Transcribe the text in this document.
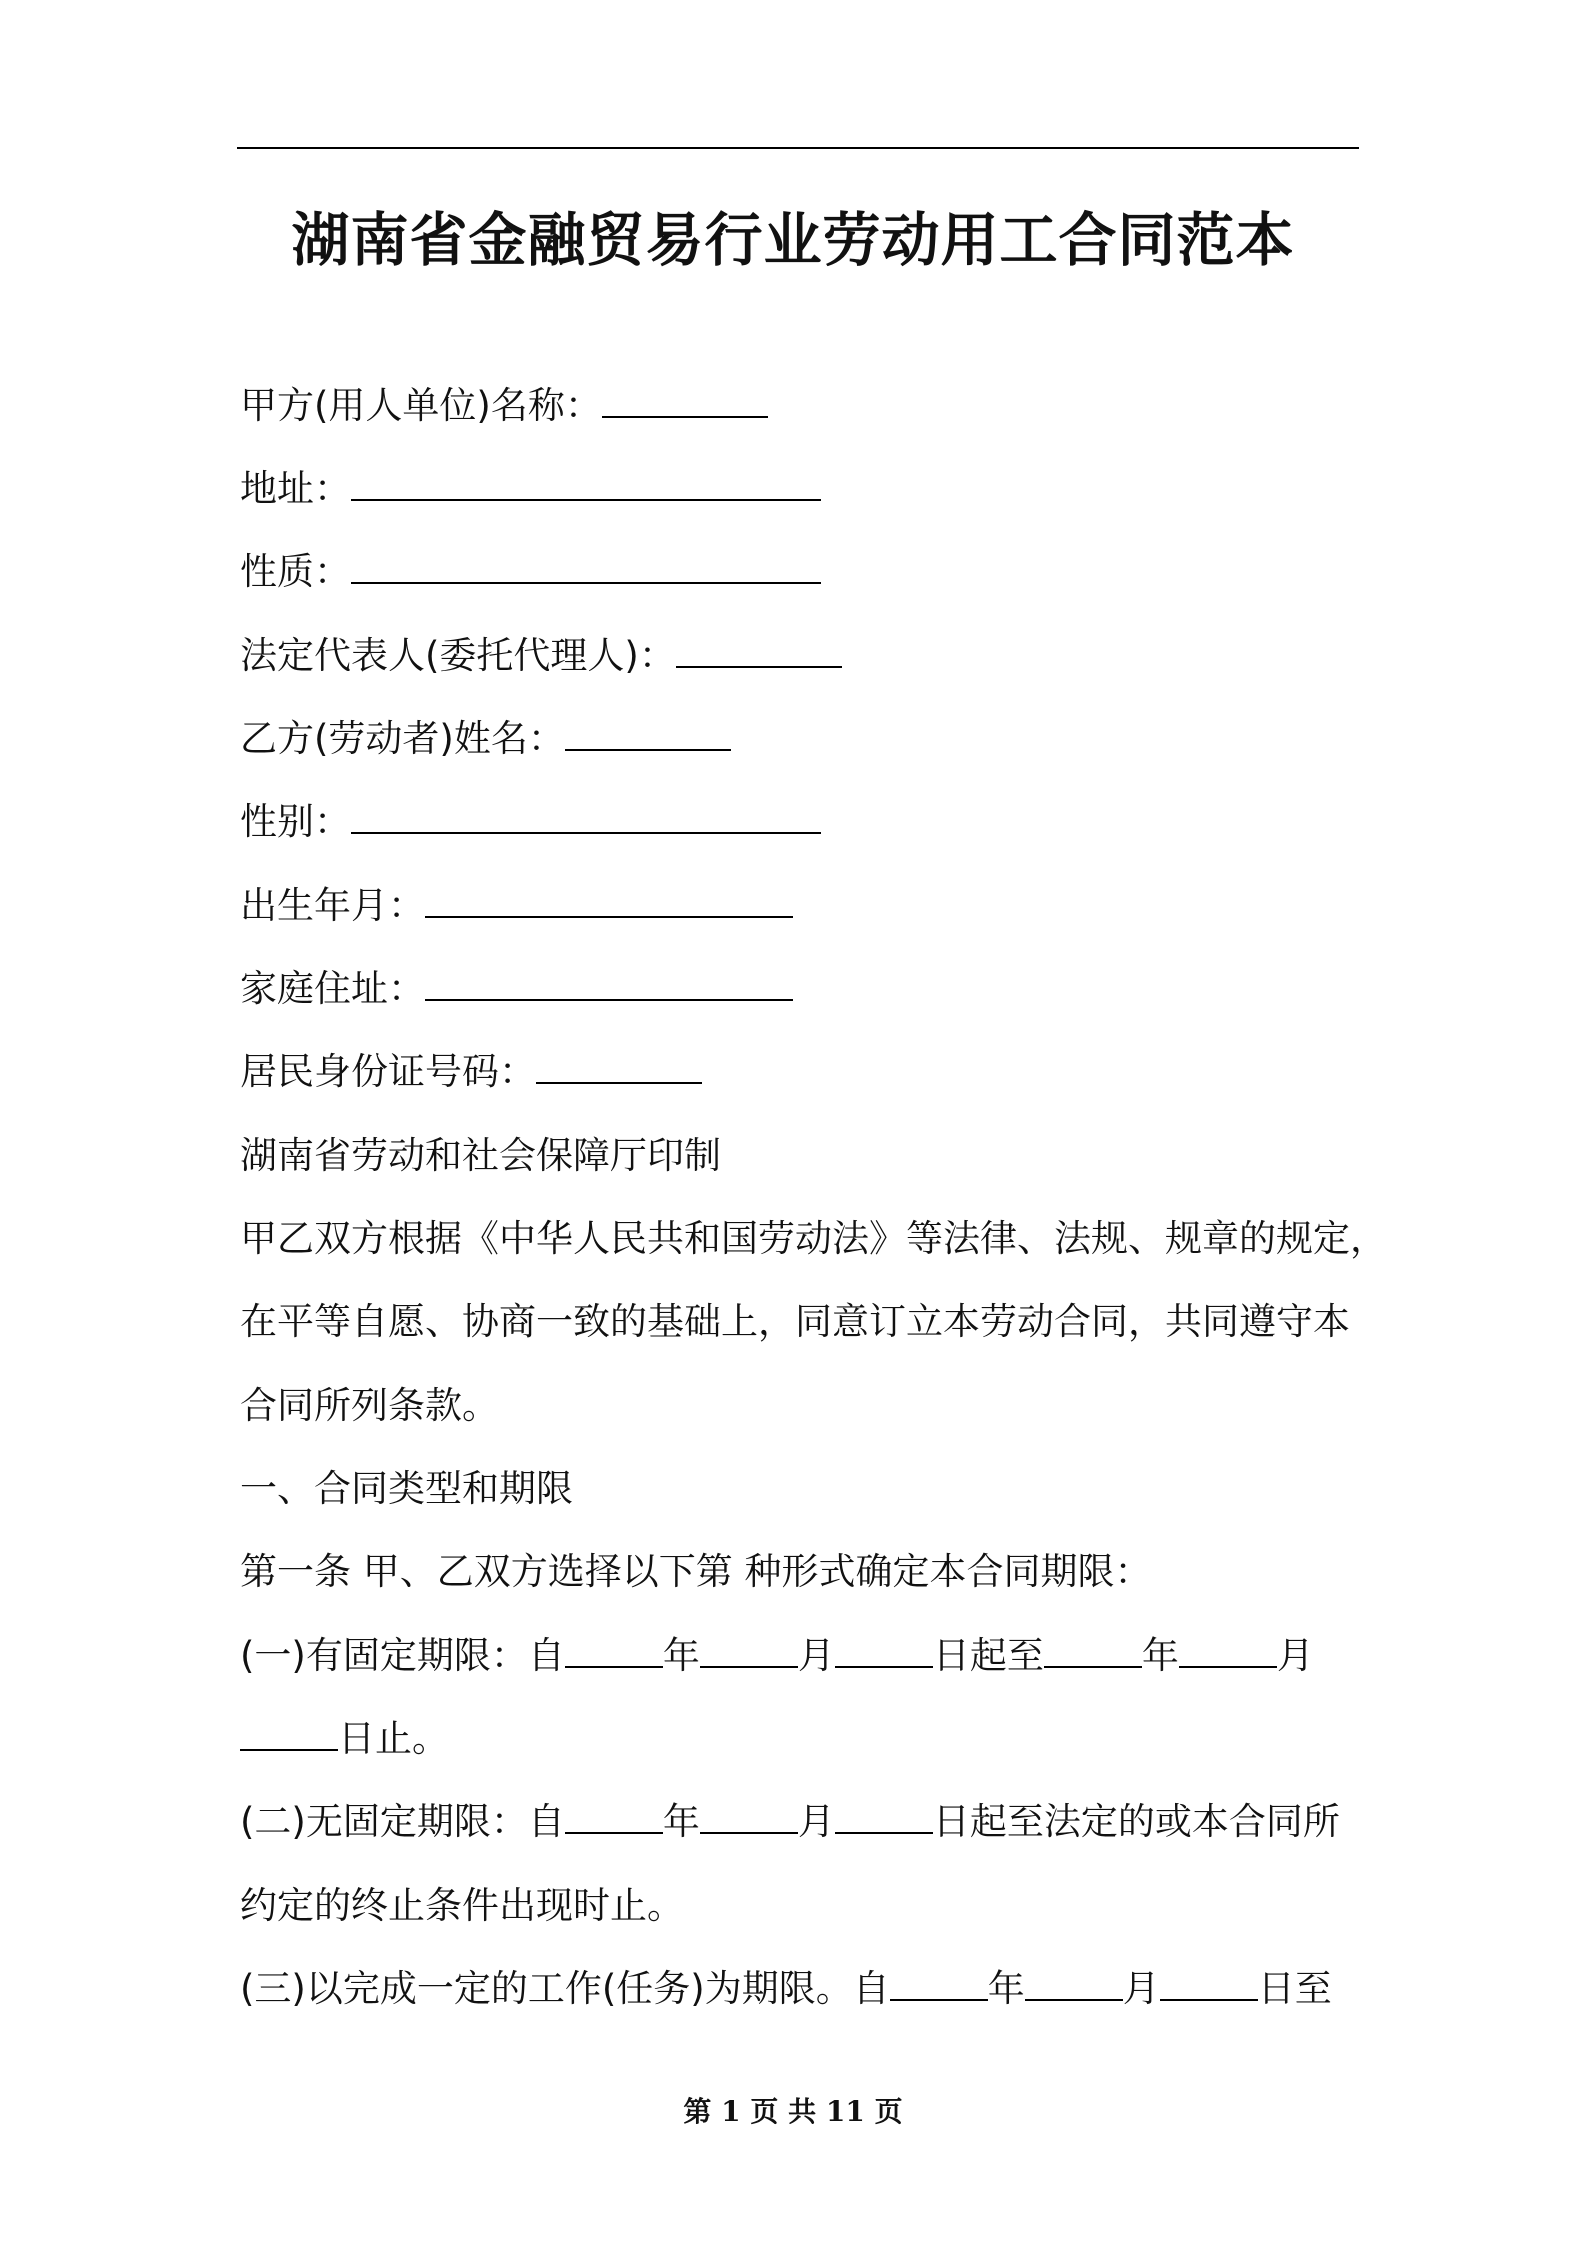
湖南省金融贸易行业劳动用工合同范本
甲方(用人单位)名称：
地址：
性质：
法定代表人(委托代理人)：
乙方(劳动者)姓名：
性别：
出生年月：
家庭住址：
居民身份证号码：
湖南省劳动和社会保障厅印制
甲乙双方根据《中华人民共和国劳动法》等法律、法规、规章的规定，
在平等自愿、协商一致的基础上，同意订立本劳动合同，共同遵守本
合同所列条款。
一、合同类型和期限
第一条 甲、乙双方选择以下第 种形式确定本合同期限：
(一)有固定期限：自	年	月	日起至	年	月
日止。
(二)无固定期限：自	年	月	日起至法定的或本合同所
约定的终止条件出现时止。
(三)以完成一定的工作(任务)为期限。自	年	月	日至
第 1 页 共 11 页
